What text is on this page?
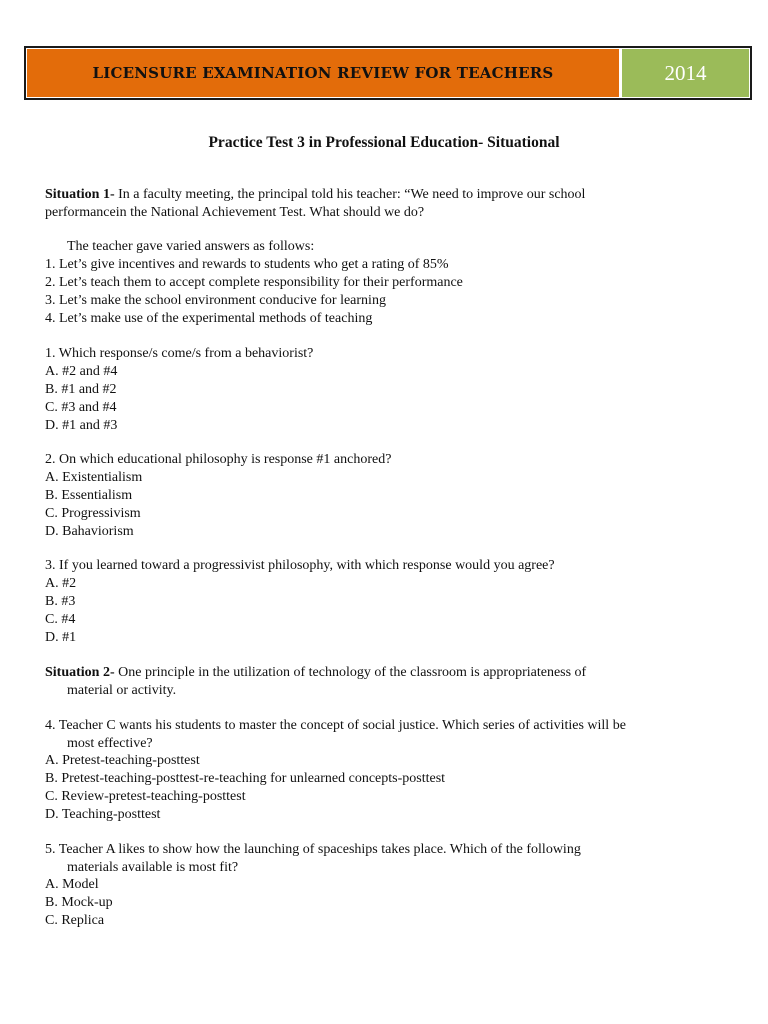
LICENSURE EXAMINATION REVIEW FOR TEACHERS	2014
Practice Test 3 in Professional Education- Situational
Situation 1- In a faculty meeting, the principal told his teacher: “We need to improve our school
performancein the National Achievement Test. What should we do?
The teacher gave varied answers as follows:
1. Let’s give incentives and rewards to students who get a rating of 85%
2. Let’s teach them to accept complete responsibility for their performance
3. Let’s make the school environment conducive for learning
4. Let’s make use of the experimental methods of teaching
1. Which response/s come/s from a behaviorist?
A. #2 and #4
B. #1 and #2
C. #3 and #4
D. #1 and #3
2. On which educational philosophy is response #1 anchored?
A. Existentialism
B. Essentialism
C. Progressivism
D. Bahaviorism
3. If you learned toward a progressivist philosophy, with which response would you agree?
A. #2
B. #3
C. #4
D. #1
Situation 2- One principle in the utilization of technology of the classroom is appropriateness of
material or activity.
4. Teacher C wants his students to master the concept of social justice. Which series of activities will be
most effective?
A. Pretest-teaching-posttest
B. Pretest-teaching-posttest-re-teaching for unlearned concepts-posttest
C. Review-pretest-teaching-posttest
D. Teaching-posttest
5. Teacher A likes to show how the launching of spaceships takes place. Which of the following
materials available is most fit?
A. Model
B. Mock-up
C. Replica
